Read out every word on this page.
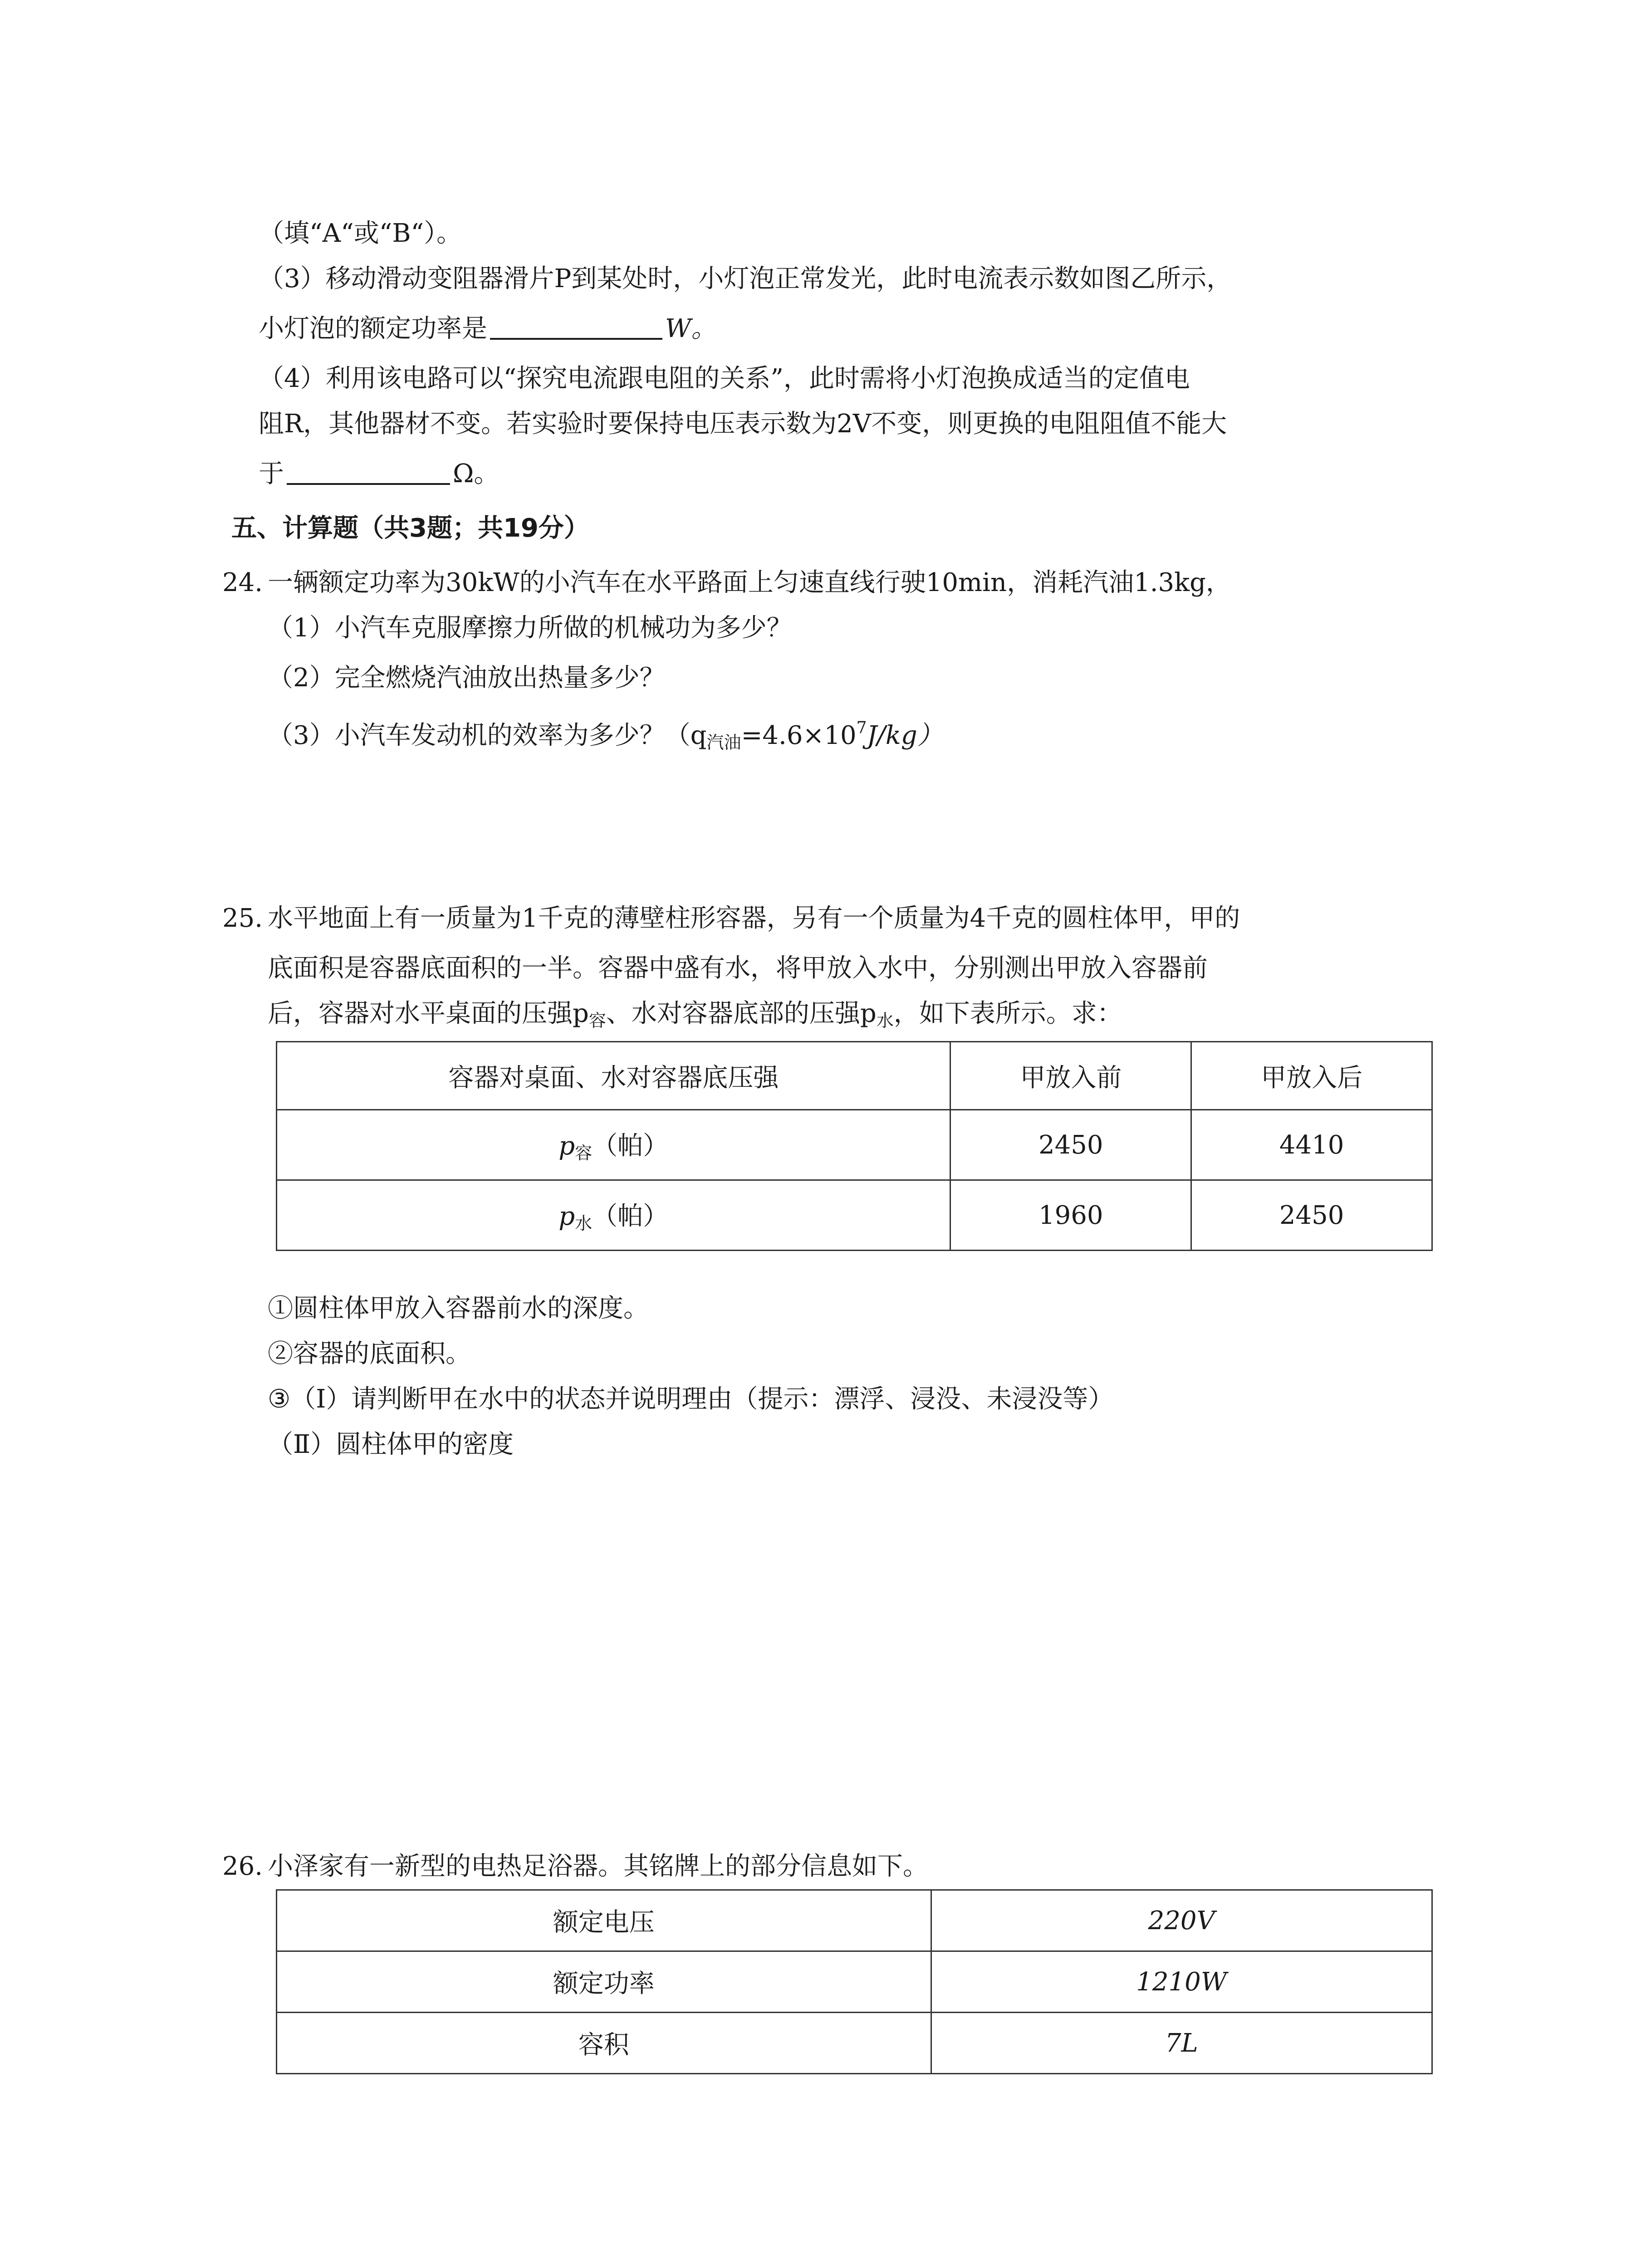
（填“A“或“B“）。
（3）移动滑动变阻器滑片P到某处时，小灯泡正常发光，此时电流表示数如图乙所示，
小灯泡的额定功率是	W。
（4）利用该电路可以“探究电流跟电阻的关系”，此时需将小灯泡换成适当的定值电
阻R，其他器材不变。若实验时要保持电压表示数为2V不变，则更换的电阻阻值不能大
于	Ω。
五、计算题（共3题；共19分）
24. 一辆额定功率为30kW的小汽车在水平路面上匀速直线行驶10min，消耗汽油1.3kg，
（1）小汽车克服摩擦力所做的机械功为多少？
（2）完全燃烧汽油放出热量多少？
（3）小汽车发动机的效率为多少？$(q_{汽油}=4.6\times 10^7J/kg)$
25. 水平地面上有一质量为1千克的薄壁柱形容器，另有一个质量为4千克的圆柱体甲，甲的
底面积是容器底面积的一半。容器中盛有水，将甲放入水中，分别测出甲放入容器前
后，容器对水平桌面的压强$p_容$、水对容器底部的压强$p_水$，如下表所示。求：
容器对桌面、水对容器底压强	甲放入前	甲放入后
$p_容$（帕）	2450	4410
$p_水$（帕）	1960	2450
①圆柱体甲放入容器前水的深度。
②容器的底面积。
③（Ⅰ）请判断甲在水中的状态并说明理由（提示：漂浮、浸没、未浸没等）
（Ⅱ）圆柱体甲的密度
26. 小泽家有一新型的电热足浴器。其铭牌上的部分信息如下。
额定电压	220V
额定功率	1210W
容积	7L
